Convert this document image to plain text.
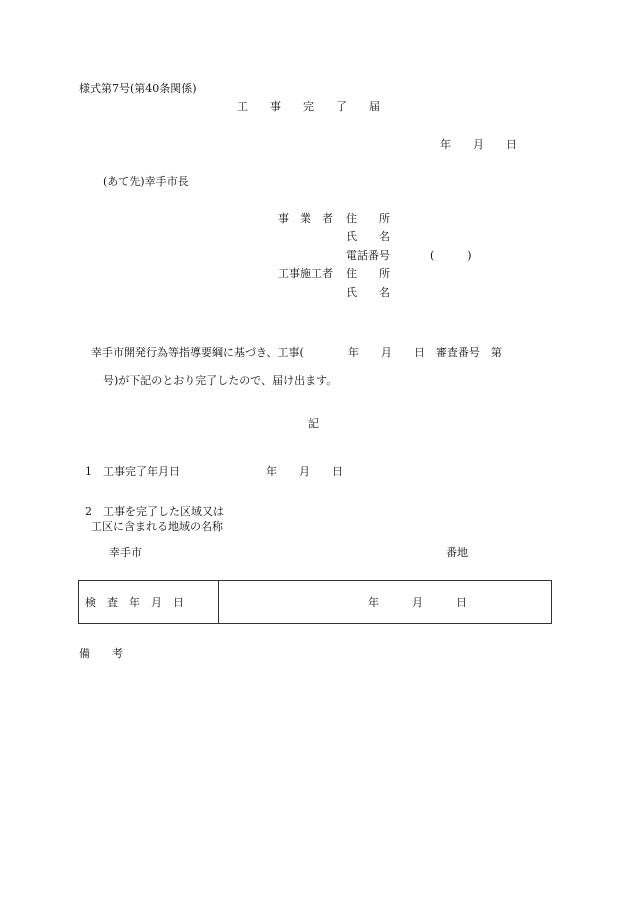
様式第7号(第40条関係)
工　　事　　完　　了　　届
年　　月　　日
(あて先)幸手市長
事　業　者 住　　所
氏　　名
電話番号	(　　　)
工事施工者 住　　所
氏　　名
幸手市開発行為等指導要綱に基づき、工事(　　　　年　　月　　日　審査番号　第
号)が下記のとおり完了したので、届け出ます。
記
1　工事完了年月日	年　　月　　日
2　工事を完了した区域又は
工区に含まれる地域の名称
幸手市	番地
検　査　年　月　日	年　　　月　　　日
備　　考
